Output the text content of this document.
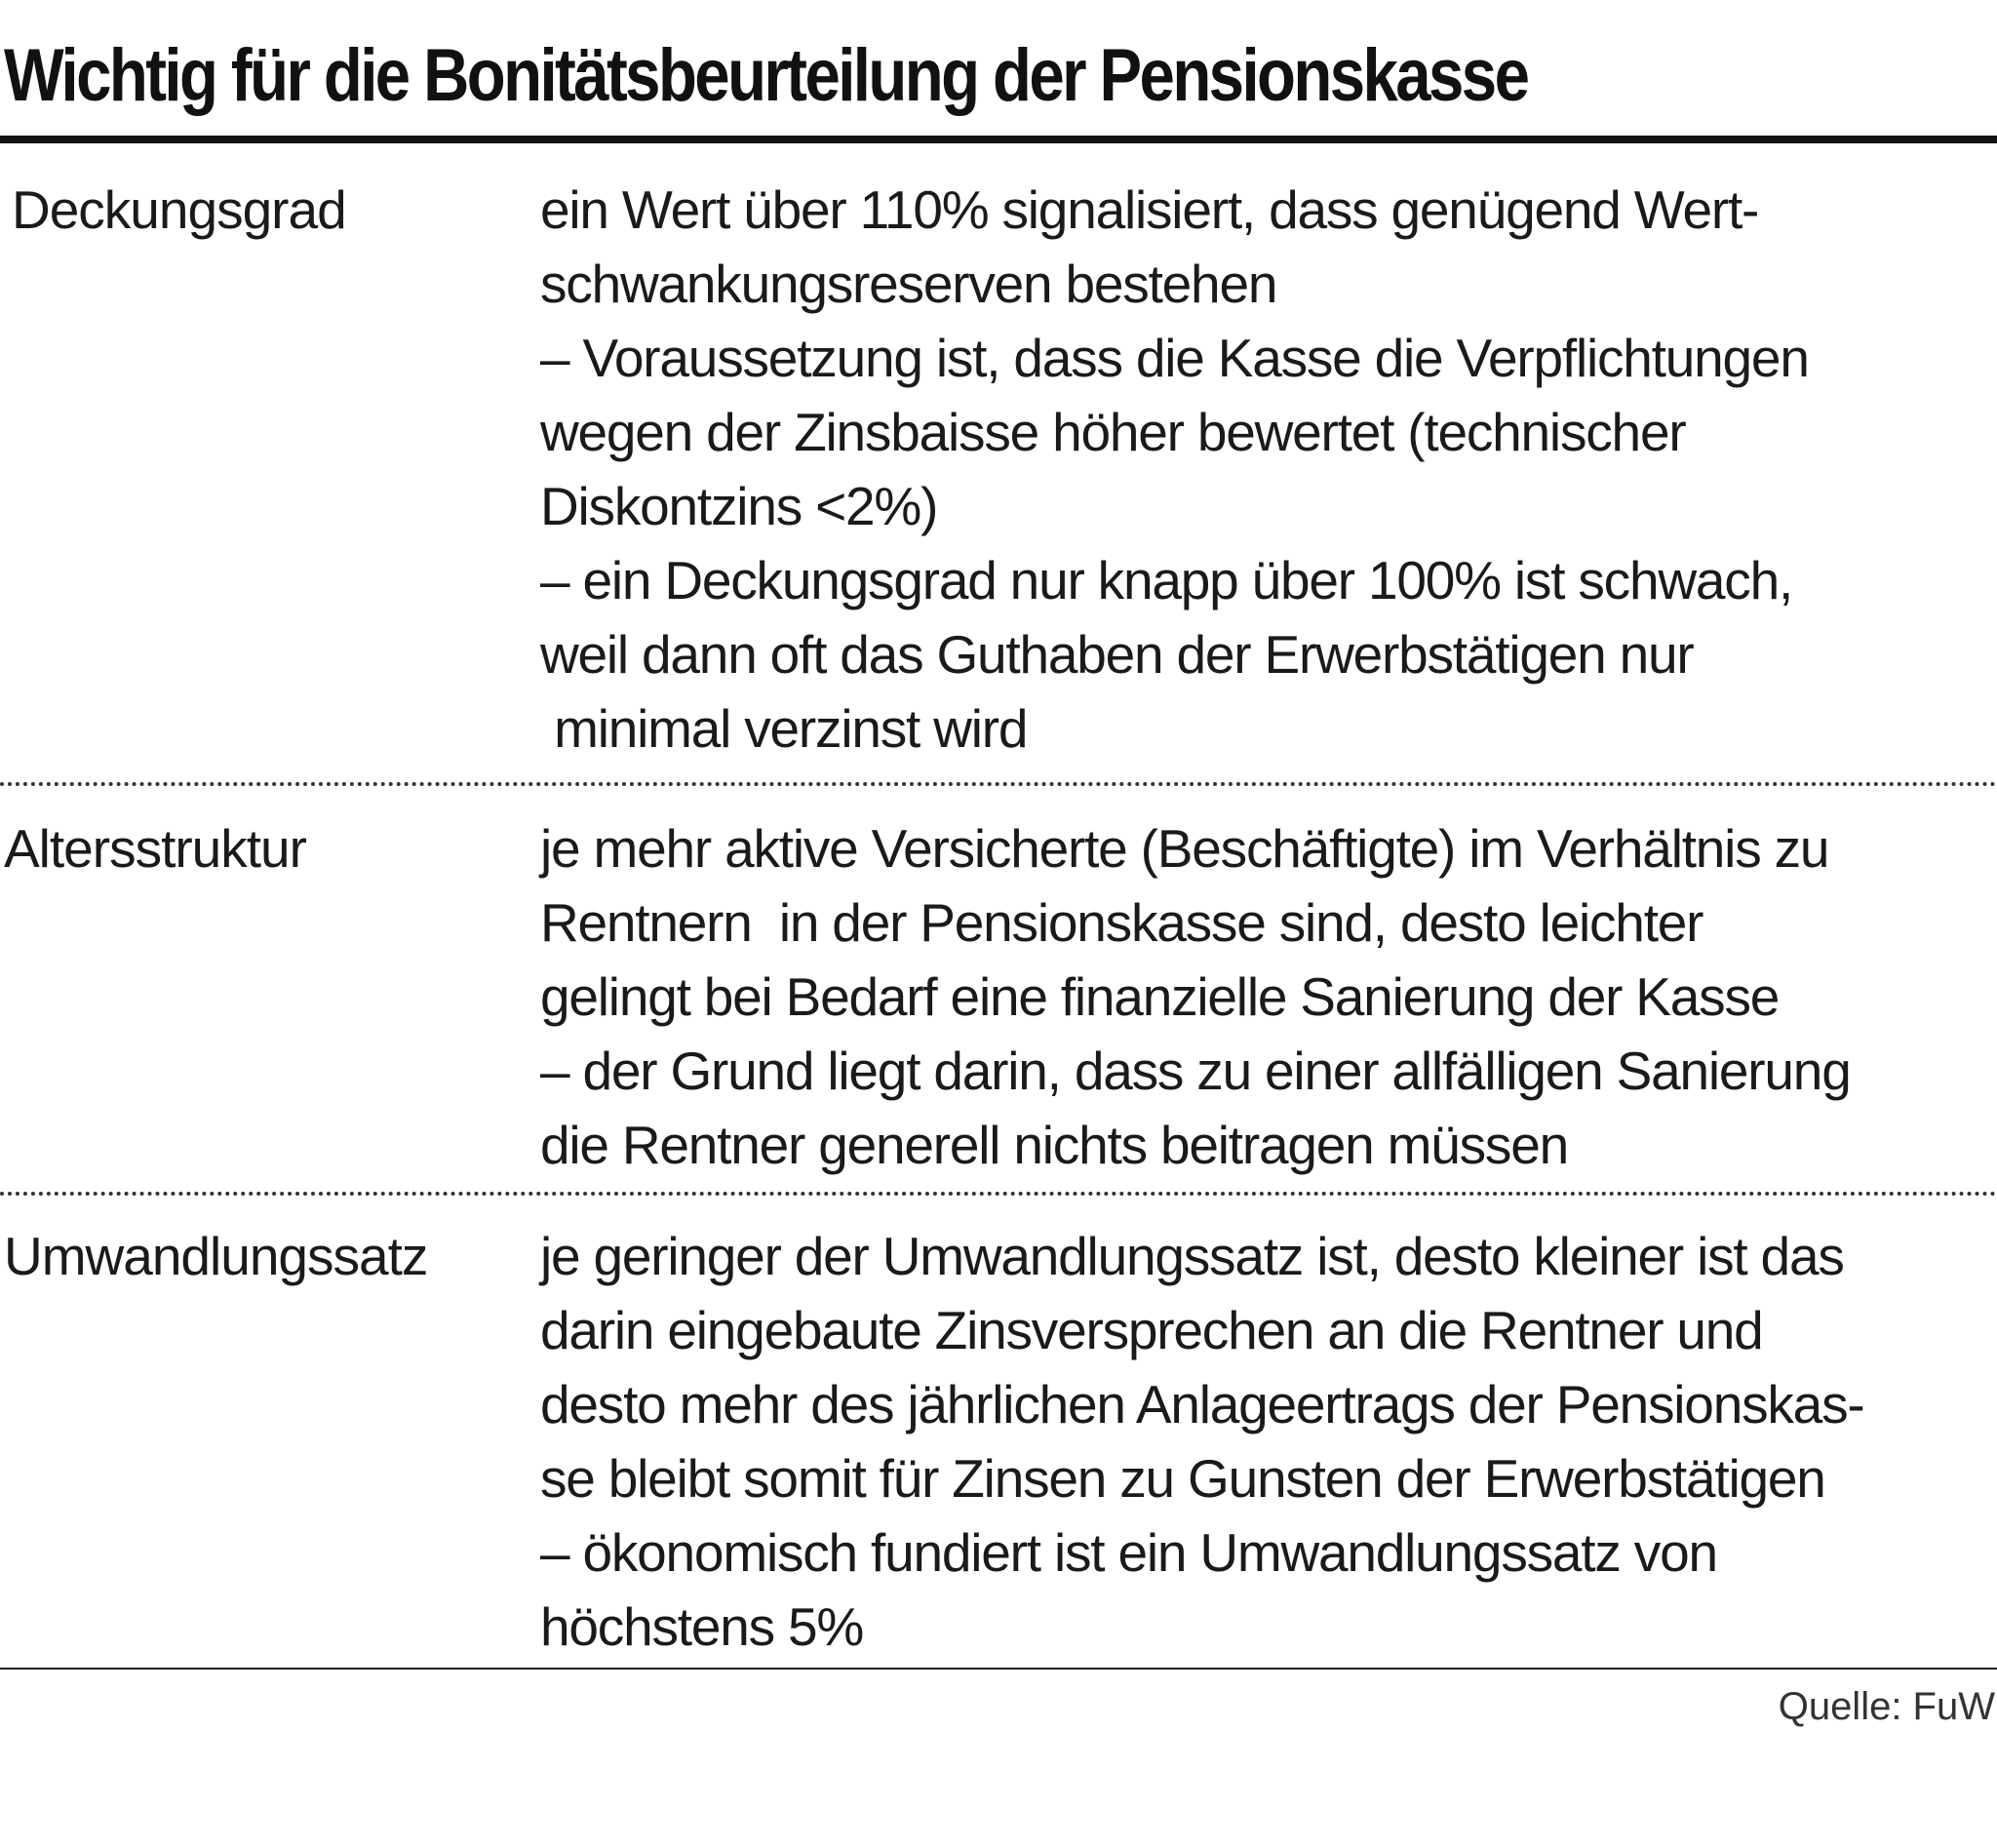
Wichtig für die Bonitätsbeurteilung der Pensionskasse
Deckungsgrad	ein Wert über 110% signalisiert, dass genügend Wert-
schwankungsreserven bestehen
– Voraussetzung ist, dass die Kasse die Verpflichtungen
wegen der Zinsbaisse höher bewertet (technischer
Diskontzins <2%)
– ein Deckungsgrad nur knapp über 100% ist schwach,
weil dann oft das Guthaben der Erwerbstätigen nur
minimal verzinst wird
Altersstruktur	je mehr aktive Versicherte (Beschäftigte) im Verhältnis zu
Rentnern  in der Pensionskasse sind, desto leichter
gelingt bei Bedarf eine finanzielle Sanierung der Kasse
– der Grund liegt darin, dass zu einer allfälligen Sanierung
die Rentner generell nichts beitragen müssen
Umwandlungssatz je geringer der Umwandlungssatz ist, desto kleiner ist das
darin eingebaute Zinsversprechen an die Rentner und
desto mehr des jährlichen Anlageertrags der Pensionskas-
se bleibt somit für Zinsen zu Gunsten der Erwerbstätigen
– ökonomisch fundiert ist ein Umwandlungssatz von
höchstens 5%
Quelle: FuW
